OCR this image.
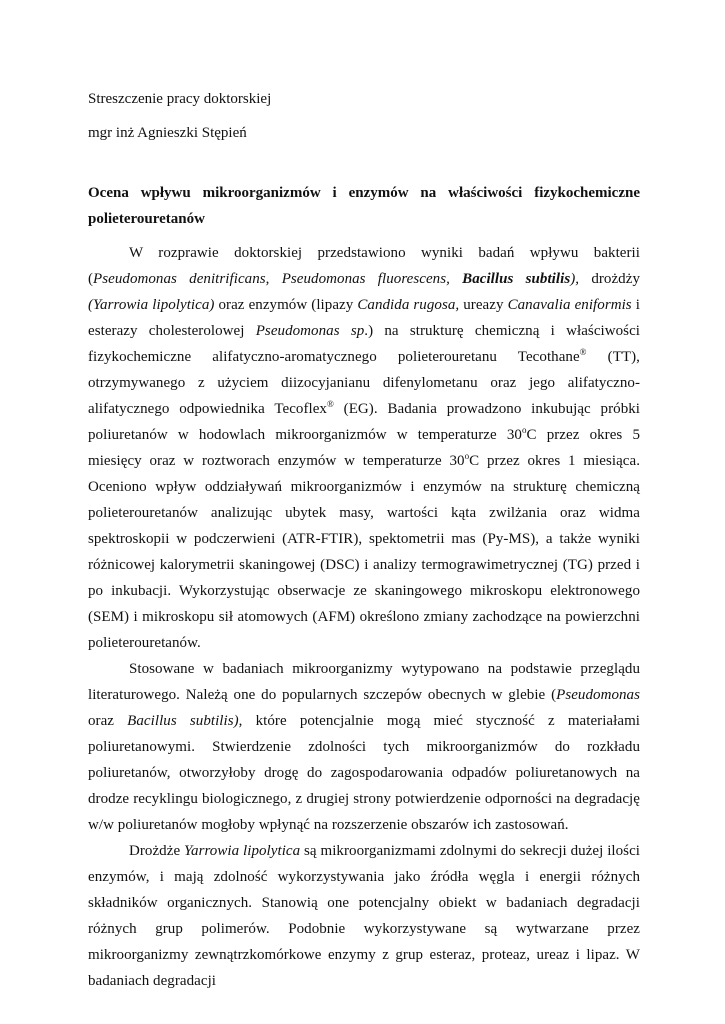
Streszczenie pracy doktorskiej

mgr inż Agnieszki Stępień

Ocena wpływu mikroorganizmów i enzymów na właściwości fizykochemiczne polieterouretanów

W rozprawie doktorskiej przedstawiono wyniki badań wpływu bakterii (Pseudomonas denitrificans, Pseudomonas fluorescens, Bacillus subtilis), drożdży (Yarrowia lipolytica) oraz enzymów (lipazy Candida rugosa, ureazy Canavalia eniformis i esterazy cholesterolowej Pseudomonas sp.) na strukturę chemiczną i właściwości fizykochemiczne alifatyczno-aromatycznego polieterouretanu Tecothane® (TT), otrzymywanego z użyciem diizocyjanianu difenylometanu oraz jego alifatyczno-alifatycznego odpowiednika Tecoflex® (EG). Badania prowadzono inkubując próbki poliuretanów w hodowlach mikroorganizmów w temperaturze 30$^o$C przez okres 5 miesięcy oraz w roztworach enzymów w temperaturze 30$^o$C przez okres 1 miesiąca. Oceniono wpływ oddziaływań mikroorganizmów i enzymów na strukturę chemiczną polieterouretanów analizując ubytek masy, wartości kąta zwilżania oraz widma spektroskopii w podczerwieni (ATR-FTIR), spektometrii mas (Py-MS), a także wyniki różnicowej kalorymetrii skaningowej (DSC) i analizy termograwimetrycznej (TG) przed i po inkubacji. Wykorzystując obserwacje ze skaningowego mikroskopu elektronowego (SEM) i mikroskopu sił atomowych (AFM) określono zmiany zachodzące na powierzchni polieterouretanów.

Stosowane w badaniach mikroorganizmy wytypowano na podstawie przeglądu literaturowego. Należą one do popularnych szczepów obecnych w glebie (Pseudomonas oraz Bacillus subtilis), które potencjalnie mogą mieć styczność z materiałami poliuretanowymi. Stwierdzenie zdolności tych mikroorganizmów do rozkładu poliuretanów, otworzyłoby drogę do zagospodarowania odpadów poliuretanowych na drodze recyklingu biologicznego, z drugiej strony potwierdzenie odporności na degradację w/w poliuretanów mogłoby wpłynąć na rozszerzenie obszarów ich zastosowań.

Drożdże Yarrowia lipolytica są mikroorganizmami zdolnymi do sekrecji dużej ilości enzymów, i mają zdolność wykorzystywania jako źródła węgla i energii różnych składników organicznych. Stanowią one potencjalny obiekt w badaniach degradacji różnych grup polimerów. Podobnie wykorzystywane są wytwarzane przez mikroorganizmy zewnątrzkomórkowe enzymy z grup esteraz, proteaz, ureaz i lipaz. W badaniach degradacji
